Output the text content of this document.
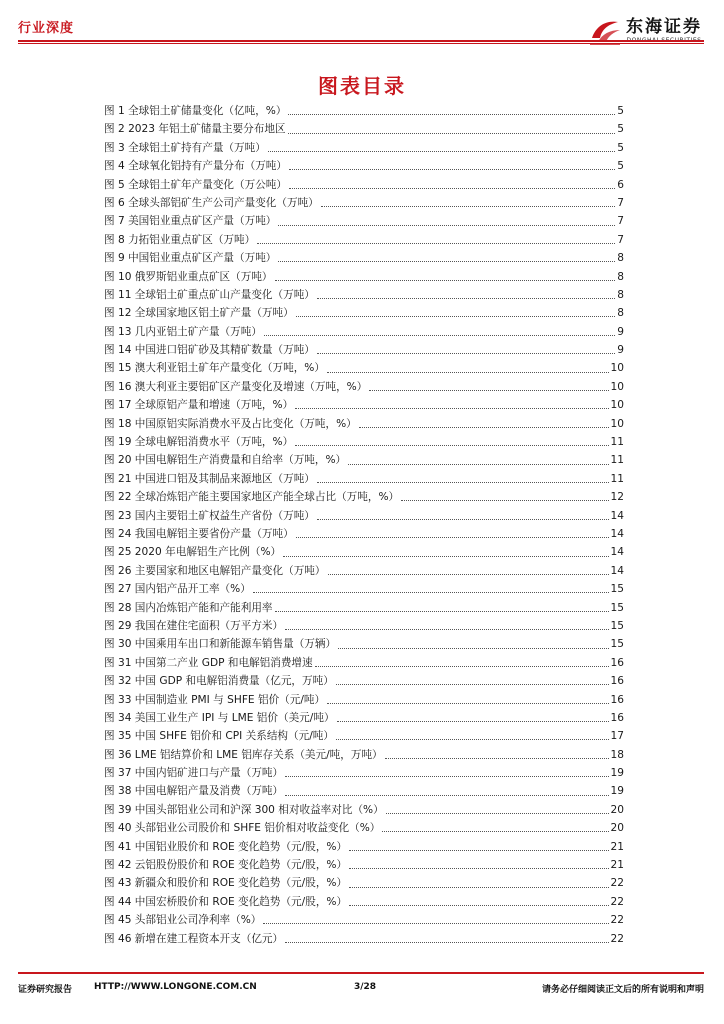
行业深度	东海证券
图表目录
图 1 全球铝土矿储量变化（亿吨，%）	5
图 2 2023 年铝土矿储量主要分布地区	5
图 3 全球铝土矿持有产量（万吨）	5
图 4 全球氧化铝持有产量分布（万吨）	5
图 5 全球铝土矿年产量变化（万公吨）	6
图 6 全球头部铝矿生产公司产量变化（万吨）	7
图 7 美国铝业重点矿区产量（万吨）	7
图 8 力拓铝业重点矿区（万吨）	7
图 9 中国铝业重点矿区产量（万吨）	8
图 10 俄罗斯铝业重点矿区（万吨）	8
图 11 全球铝土矿重点矿山产量变化（万吨）	8
图 12 全球国家地区铝土矿产量（万吨）	8
图 13 几内亚铝土矿产量（万吨）	9
图 14 中国进口铝矿砂及其精矿数量（万吨）	9
图 15 澳大利亚铝土矿年产量变化（万吨，%）	10
图 16 澳大利亚主要铝矿区产量变化及增速（万吨，%）	10
图 17 全球原铝产量和增速（万吨，%）	10
图 18 中国原铝实际消费水平及占比变化（万吨，%）	10
图 19 全球电解铝消费水平（万吨，%）	11
图 20 中国电解铝生产消费量和自给率（万吨，%）	11
图 21 中国进口铝及其制品来源地区（万吨）	11
图 22 全球冶炼铝产能主要国家地区产能全球占比（万吨，%）	12
图 23 国内主要铝土矿权益生产省份（万吨）	14
图 24 我国电解铝主要省份产量（万吨）	14
图 25 2020 年电解铝生产比例（%）	14
图 26 主要国家和地区电解铝产量变化（万吨）	14
图 27 国内铝产品开工率（%）	15
图 28 国内冶炼铝产能和产能利用率	15
图 29 我国在建住宅面积（万平方米）	15
图 30 中国乘用车出口和新能源车销售量（万辆）	15
图 31 中国第二产业 GDP 和电解铝消费增速	16
图 32 中国 GDP 和电解铝消费量（亿元，万吨）	16
图 33 中国制造业 PMI 与 SHFE 铝价（元/吨）	16
图 34 美国工业生产 IPI 与 LME 铝价（美元/吨）	16
图 35 中国 SHFE 铝价和 CPI 关系结构（元/吨）	17
图 36 LME 铝结算价和 LME 铝库存关系（美元/吨，万吨）	18
图 37 中国内铝矿进口与产量（万吨）	19
图 38 中国电解铝产量及消费（万吨）	19
图 39 中国头部铝业公司和沪深 300 相对收益率对比（%）	20
图 40 头部铝业公司股价和 SHFE 铝价相对收益变化（%）	20
图 41 中国铝业股价和 ROE 变化趋势（元/股，%）	21
图 42 云铝股份股价和 ROE 变化趋势（元/股，%）	21
图 43 新疆众和股价和 ROE 变化趋势（元/股，%）	22
图 44 中国宏桥股价和 ROE 变化趋势（元/股，%）	22
图 45 头部铝业公司净利率（%）	22
图 46 新增在建工程资本开支（亿元）	22
证券研究报告 HTTP://WWW.LONGONE.COM.CN	3/28	请务必仔细阅读正文后的所有说明和声明
